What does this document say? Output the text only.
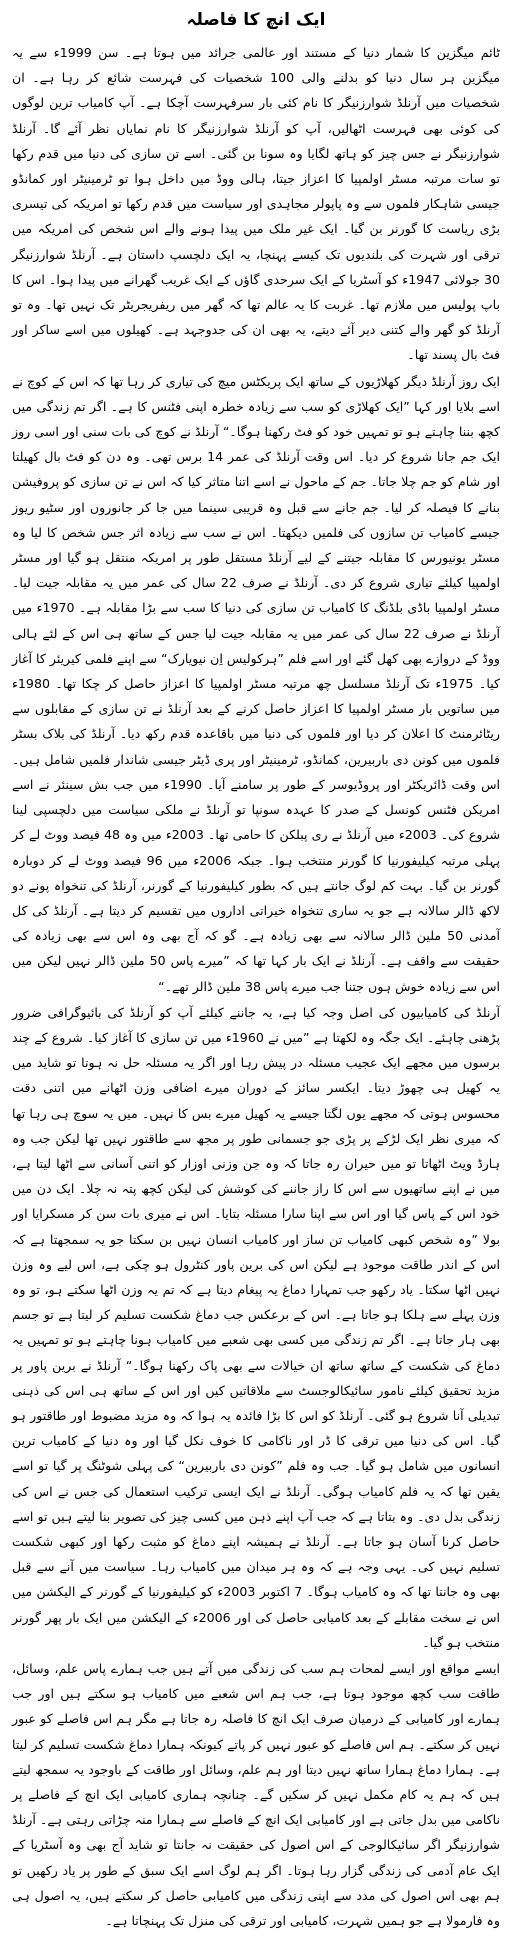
ایک انچ کا فاصلہ

ٹائم میگزین کا شمار دنیا کے مستند اور عالمی جرائد میں ہوتا ہے۔ سن 1999ء سے یہ میگزین ہر سال دنیا کو بدلنے والی 100 شخصیات کی فہرست شائع کر رہا ہے۔ ان شخصیات میں آرنلڈ شوارزنیگر کا نام کئی بار سرفہرست آچکا ہے۔ آپ کامیاب ترین لوگوں کی کوئی بھی فہرست اٹھالیں، آپ کو آرنلڈ شوارزنیگر کا نام نمایاں نظر آئے گا۔ آرنلڈ شوارزنیگر نے جس چیز کو ہاتھ لگایا وہ سونا بن گئی۔ اسے تن سازی کی دنیا میں قدم رکھا تو سات مرتبہ مسٹر اولمپیا کا اعزاز جیتا، ہالی ووڈ میں داخل ہوا تو ٹرمینیٹر اور کمانڈو جیسی شاہکار فلموں سے وہ پاپولر مجاہدی اور سیاست میں قدم رکھا تو امریکہ کی تیسری بڑی ریاست کا گورنر بن گیا۔ ایک غیر ملک میں پیدا ہونے والے اس شخص کی امریکہ میں ترقی اور شہرت کی بلندیوں تک کیسے پہنچا، یہ ایک دلچسپ داستان ہے۔ آرنلڈ شوارزنیگر 30 جولائی 1947ء کو آسٹریا کے ایک سرحدی گاؤں کے ایک غریب گھرانے میں پیدا ہوا۔ اس کا باپ پولیس میں ملازم تھا۔ غربت کا یہ عالم تھا کہ گھر میں ریفریجریٹر تک نہیں تھا۔ وہ تو آرنلڈ کو گھر والے کتنی دیر آئے دیتے، یہ بھی ان کی جدوجہد ہے۔ کھیلوں میں اسے ساکر اور فٹ بال پسند تھا۔

ایک روز آرنلڈ دیگر کھلاڑیوں کے ساتھ ایک پریکٹس میچ کی تیاری کر رہا تھا کہ اس کے کوچ نے اسے بلایا اور کہا ”ایک کھلاڑی کو سب سے زیادہ خطرہ اپنی فٹنس کا ہے۔ اگر تم زندگی میں کچھ بننا چاہتے ہو تو تمہیں خود کو فٹ رکھنا ہوگا۔“ آرنلڈ نے کوچ کی بات سنی اور اسی روز ایک جم جانا شروع کر دیا۔ اس وقت آرنلڈ کی عمر 14 برس تھی۔ وہ دن کو فٹ بال کھیلتا اور شام کو جم چلا جاتا۔ جم کے ماحول نے اسے اتنا متاثر کیا کہ اس نے تن سازی کو پروفیشن بنانے کا فیصلہ کر لیا۔ جم جانے سے قبل وہ قریبی سینما میں جا کر جانوروں اور سٹیو ریوز جیسے کامیاب تن سازوں کی فلمیں دیکھتا۔ اس نے سب سے زیادہ اثر جس شخص کا لیا وہ مسٹر یونیورس کا مقابلہ جیتنے کے لیے آرنلڈ مستقل طور پر امریکہ منتقل ہو گیا اور مسٹر اولمپیا کیلئے تیاری شروع کر دی۔ آرنلڈ نے صرف 22 سال کی عمر میں یہ مقابلہ جیت لیا۔ مسٹر اولمپیا باڈی بلڈنگ کا کامیاب تن سازی کی دنیا کا سب سے بڑا مقابلہ ہے۔ 1970ء میں آرنلڈ نے صرف 22 سال کی عمر میں یہ مقابلہ جیت لیا جس کے ساتھ ہی اس کے لئے ہالی ووڈ کے دروازے بھی کھل گئے اور اسے فلم ”ہرکولیس اِن نیویارک“ سے اپنے فلمی کیریئر کا آغاز کیا۔ 1975ء تک آرنلڈ مسلسل چھ مرتبہ مسٹر اولمپیا کا اعزاز حاصل کر چکا تھا۔ 1980ء میں ساتویں بار مسٹر اولمپیا کا اعزاز حاصل کرنے کے بعد آرنلڈ نے تن سازی کے مقابلوں سے ریٹائرمنٹ کا اعلان کر دیا اور فلموں کی دنیا میں باقاعدہ قدم رکھ دیا۔ آرنلڈ کی بلاک بسٹر فلموں میں کونن دی باربیرین، کمانڈو، ٹرمینیٹر اور پری ڈیٹر جیسی شاندار فلمیں شامل ہیں۔ اس وقت ڈائریکٹر اور پروڈیوسر کے طور پر سامنے آیا۔ 1990ء میں جب بش سینئر نے اسے امریکن فٹنس کونسل کے صدر کا عہدہ سونپا تو آرنلڈ نے ملکی سیاست میں دلچسپی لینا شروع کی۔ 2003ء میں آرنلڈ نے ری پبلکن کا حامی تھا۔ 2003ء میں وہ 48 فیصد ووٹ لے کر پہلی مرتبہ کیلیفورنیا کا گورنر منتخب ہوا۔ جبکہ 2006ء میں 96 فیصد ووٹ لے کر دوبارہ گورنر بن گیا۔ بہت کم لوگ جانتے ہیں کہ بطور کیلیفورنیا کے گورنر، آرنلڈ کی تنخواہ پونے دو لاکھ ڈالر سالانہ ہے جو یہ ساری تنخواہ خیراتی اداروں میں تقسیم کر دیتا ہے۔ آرنلڈ کی کل آمدنی 50 ملین ڈالر سالانہ سے بھی زیادہ ہے۔ گو کہ آج بھی وہ اس سے بھی زیادہ کی حقیقت سے واقف ہے۔ آرنلڈ نے ایک بار کہا تھا کہ ”میرے پاس 50 ملین ڈالر نہیں لیکن میں اس سے زیادہ خوش ہوں جتنا جب میرے پاس 38 ملین ڈالر تھے۔“

آرنلڈ کی کامیابیوں کی اصل وجہ کیا ہے، یہ جاننے کیلئے آپ کو آرنلڈ کی بائیوگرافی ضرور پڑھنی چاہئے۔ ایک جگہ وہ لکھتا ہے ”میں نے 1960ء میں تن سازی کا آغاز کیا۔ شروع کے چند برسوں میں مجھے ایک عجیب مسئلہ در پیش رہا اور اگر یہ مسئلہ حل نہ ہوتا تو شاید میں یہ کھیل ہی چھوڑ دیتا۔ ایکسر سائز کے دوران میرے اضافی وزن اٹھانے میں اتنی دقت محسوس ہوتی کہ مجھے یوں لگتا جیسے یہ کھیل میرے بس کا نہیں۔ میں یہ سوچ ہی رہا تھا کہ میری نظر ایک لڑکے پر پڑی جو جسمانی طور پر مجھ سے طاقتور نہیں تھا لیکن جب وہ ہارڈ ویٹ اٹھاتا تو میں حیران رہ جاتا کہ وہ جن وزنی اوزار کو اتنی آسانی سے اٹھا لیتا ہے، میں نے اپنے ساتھیوں سے اس کا راز جاننے کی کوشش کی لیکن کچھ پتہ نہ چلا۔ ایک دن میں خود اس کے پاس گیا اور اس سے اپنا سارا مسئلہ بتایا۔ اس نے میری بات سن کر مسکرایا اور بولا ”وہ شخص کبھی کامیاب تن ساز اور کامیاب انسان نہیں بن سکتا جو یہ سمجھتا ہے کہ اس کے اندر طاقت موجود ہے لیکن اس کی برین پاور کنٹرول ہو چکی ہے، اس لیے وہ وزن نہیں اٹھا سکتا۔ یاد رکھو جب تمہارا دماغ یہ پیغام دیتا ہے کہ تم یہ وزن اٹھا سکتے ہو، تو وہ وزن پہلے سے ہلکا ہو جاتا ہے۔ اس کے برعکس جب دماغ شکست تسلیم کر لیتا ہے تو جسم بھی ہار جاتا ہے۔ اگر تم زندگی میں کسی بھی شعبے میں کامیاب ہونا چاہتے ہو تو تمہیں یہ دماغ کی شکست کے ساتھ ساتھ ان خیالات سے بھی پاک رکھنا ہوگا۔“ آرنلڈ نے برین پاور پر مزید تحقیق کیلئے نامور سائیکالوجسٹ سے ملاقاتیں کیں اور اس کے ساتھ ہی اس کی ذہنی تبدیلی آنا شروع ہو گئی۔ آرنلڈ کو اس کا بڑا فائدہ یہ ہوا کہ وہ مزید مضبوط اور طاقتور ہو گیا۔ اس کی دنیا میں ترقی کا ڈر اور ناکامی کا خوف نکل گیا اور وہ دنیا کے کامیاب ترین انسانوں میں شامل ہو گیا۔ جب وہ فلم ”کونن دی باربیرین“ کی پہلی شوٹنگ پر گیا تو اسے یقین تھا کہ یہ فلم کامیاب ہوگی۔ آرنلڈ نے ایک ایسی ترکیب استعمال کی جس نے اس کی زندگی بدل دی۔ وہ بتاتا ہے کہ جب آپ اپنے ذہن میں کسی چیز کی تصویر بنا لیتے ہیں تو اسے حاصل کرنا آسان ہو جاتا ہے۔ آرنلڈ نے ہمیشہ اپنے دماغ کو مثبت رکھا اور کبھی شکست تسلیم نہیں کی۔ یہی وجہ ہے کہ وہ ہر میدان میں کامیاب رہا۔ سیاست میں آنے سے قبل بھی وہ جانتا تھا کہ وہ کامیاب ہوگا۔ 7 اکتوبر 2003ء کو کیلیفورنیا کے گورنر کے الیکشن میں اس نے سخت مقابلے کے بعد کامیابی حاصل کی اور 2006ء کے الیکشن میں ایک بار پھر گورنر منتخب ہو گیا۔

ایسے مواقع اور ایسے لمحات ہم سب کی زندگی میں آتے ہیں جب ہمارے پاس علم، وسائل، طاقت سب کچھ موجود ہوتا ہے، جب ہم اس شعبے میں کامیاب ہو سکتے ہیں اور جب ہمارے اور کامیابی کے درمیان صرف ایک انچ کا فاصلہ رہ جاتا ہے مگر ہم اس فاصلے کو عبور نہیں کر سکتے۔ ہم اس فاصلے کو عبور نہیں کر پاتے کیونکہ ہمارا دماغ شکست تسلیم کر لیتا ہے۔ ہمارا دماغ ہمارا ساتھ نہیں دیتا اور ہم علم، وسائل اور طاقت کے باوجود یہ سمجھ لیتے ہیں کہ ہم یہ کام مکمل نہیں کر سکیں گے۔ چنانچہ ہماری کامیابی ایک انچ کے فاصلے پر ناکامی میں بدل جاتی ہے اور کامیابی ایک انچ کے فاصلے سے ہمارا منہ چڑاتی رہتی ہے۔ آرنلڈ شوارزنیگر اگر سائیکالوجی کے اس اصول کی حقیقت نہ جانتا تو شاید آج بھی وہ آسٹریا کے ایک عام آدمی کی زندگی گزار رہا ہوتا۔ اگر ہم لوگ اسے ایک سبق کے طور پر یاد رکھیں تو ہم بھی اس اصول کی مدد سے اپنی زندگی میں کامیابی حاصل کر سکتے ہیں، یہ اصول ہی وہ فارمولا ہے جو ہمیں شہرت، کامیابی اور ترقی کی منزل تک پہنچاتا ہے۔
